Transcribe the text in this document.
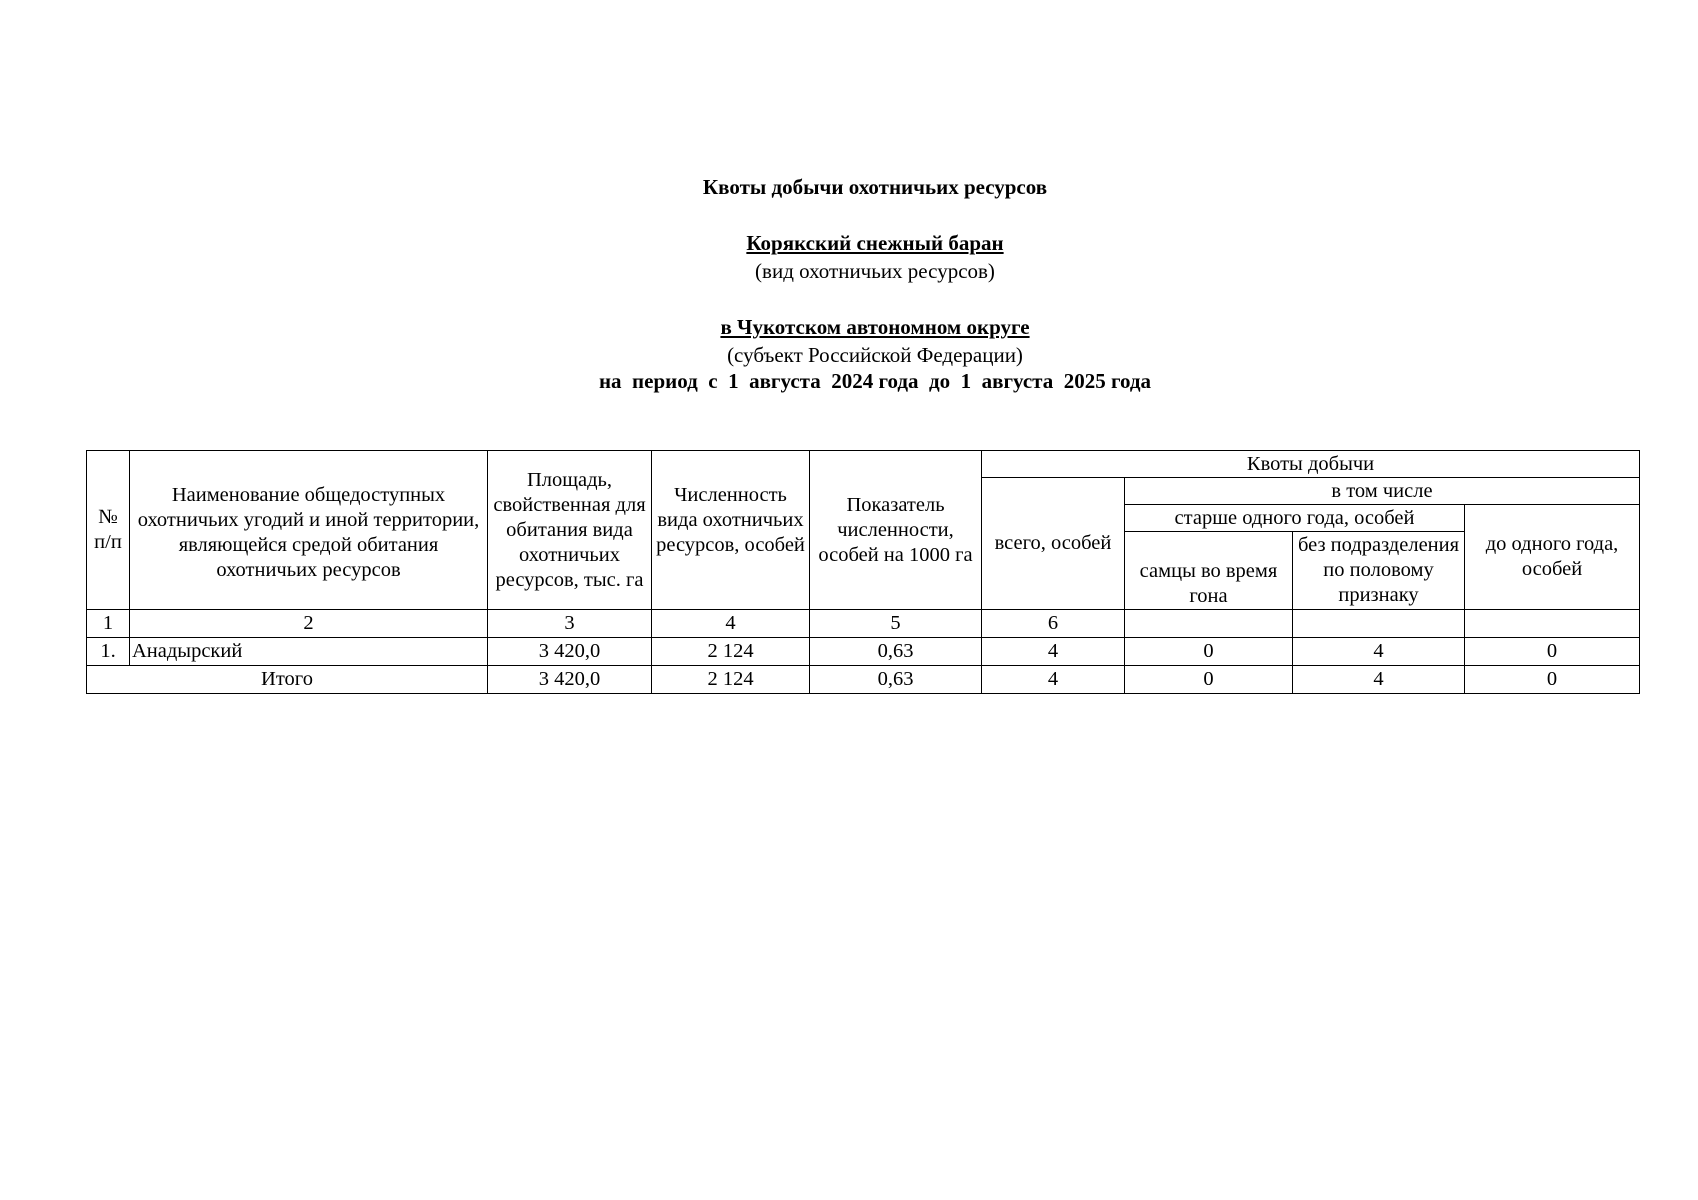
Квоты добычи охотничьих ресурсов
Корякский снежный баран
(вид охотничьих ресурсов)
в Чукотском автономном округе
(субъект Российской Федерации)
на  период  с  1  августа  2024 года  до  1  августа  2025 года
№ п/п	Наименование общедоступных охотничьих угодий и иной территории, являющейся средой обитания охотничьих ресурсов	Площадь, свойственная для обитания вида охотничьих ресурсов, тыс. га	Численность вида охотничьих ресурсов, особей	Показатель численности, особей на 1000 га	Квоты добычи			
					всего, особей	в том числе		
						старше одного года, особей		до одного года, особей
						самцы во время гона	без подразделения по половому признаку	

1	2	3	4	5	6			
1.	Анадырский	3 420,0	2 124	0,63	4	0	4	0
Итого		3 420,0	2 124	0,63	4	0	4	0
